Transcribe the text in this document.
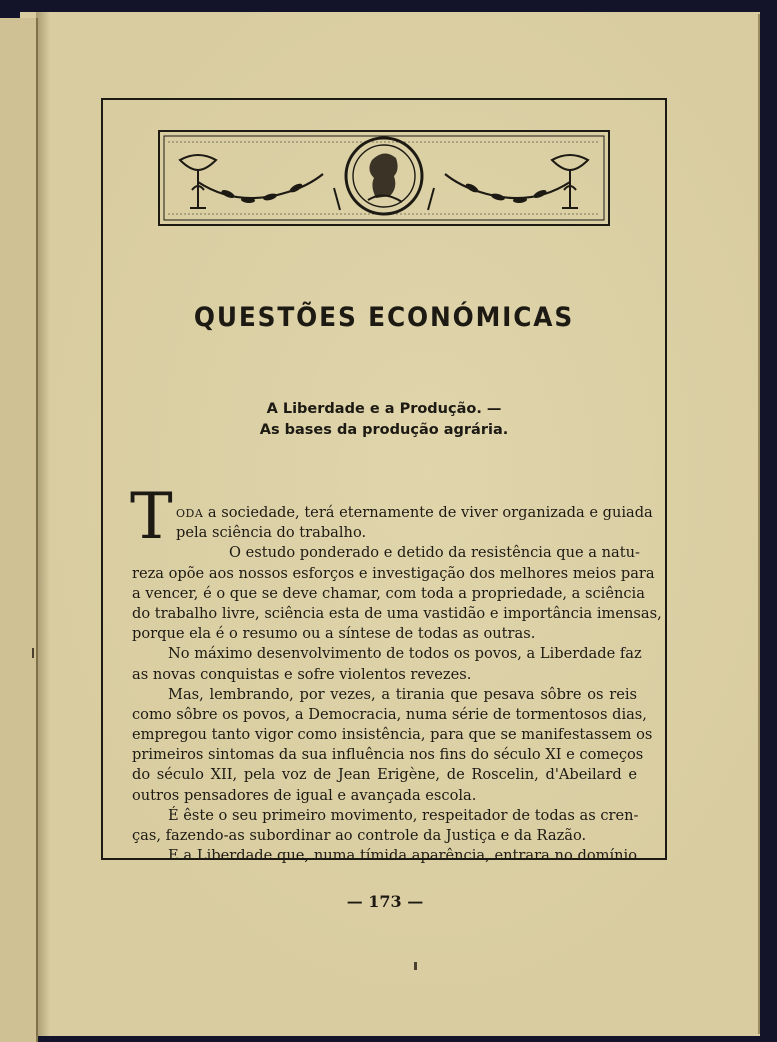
QUESTÕES ECONÓMICAS
A Liberdade e a Produção. —
As bases da produção agrária.
T ODA a sociedade, terá eternamente de viver organizada e guiada
pela sciência do trabalho.
O estudo ponderado e detido da resistência que a natu-
reza opõe aos nossos esforços e investigação dos melhores meios para
a vencer, é o que se deve chamar, com toda a propriedade, a sciência
do trabalho livre, sciência esta de uma vastidão e importância imensas,
porque ela é o resumo ou a síntese de todas as outras.
No máximo desenvolvimento de todos os povos, a Liberdade faz
as novas conquistas e sofre violentos revezes.
Mas, lembrando, por vezes, a tirania que pesava sôbre os reis
como sôbre os povos, a Democracia, numa série de tormentosos dias,
empregou tanto vigor como insistência, para que se manifestassem os
primeiros sintomas da sua influência nos fins do século XI e começos
do século XII, pela voz de Jean Erigène, de Roscelin, d'Abeilard e
outros pensadores de igual e avançada escola.
É êste o seu primeiro movimento, respeitador de todas as cren-
ças, fazendo-as subordinar ao controle da Justiça e da Razão.
E a Liberdade que, numa tímida aparência, entrara no domínio
— 173 —
